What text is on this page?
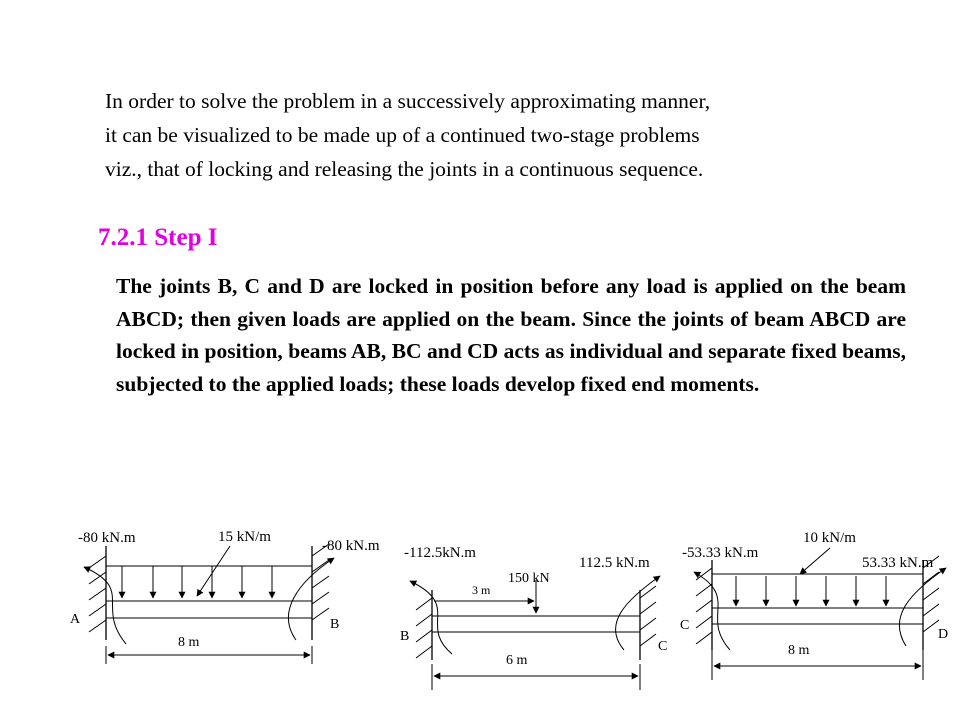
In order to solve the problem in a successively approximating manner,
it can be visualized to be made up of a continued two-stage problems
viz., that of locking and releasing the joints in a continuous sequence.
7.2.1 Step I
The joints B, C and D are locked in position before any load is applied on the beam ABCD; then given loads are applied on the beam. Since the joints of beam ABCD are locked in position, beams AB, BC and CD acts as individual and separate fixed beams, subjected to the applied loads; these loads develop fixed end moments.
-80 kN.m	15 kN/m
-80 kN.m
A	B
8 m
-112.5kN.m
112.5 kN.m
150 kN
3 m
B
C
6 m
-53.33 kN.m
10 kN/m
53.33 kN.m
C
D
8 m
